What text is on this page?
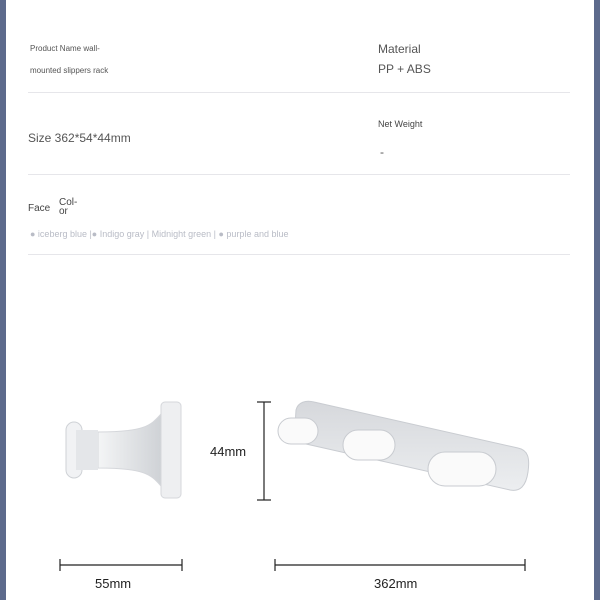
Product Name wall-
mounted slippers rack
Material
PP + ABS
Size 362*54*44mm
Net Weight
-
Face
Col-
or
● iceberg blue |● Indigo gray | Midnight green | ● purple and blue
44mm
55mm	362mm
